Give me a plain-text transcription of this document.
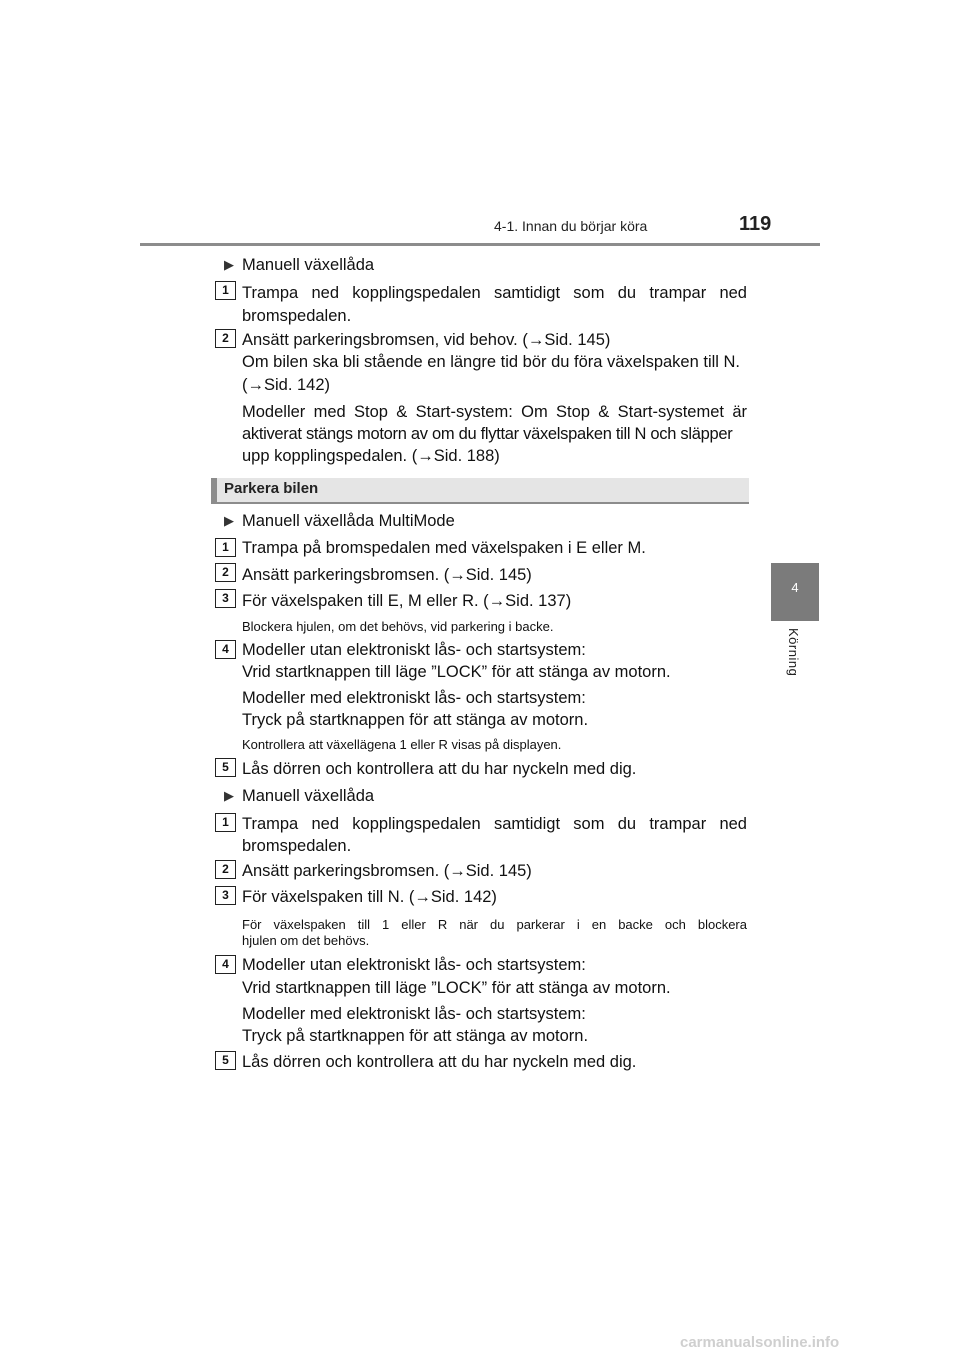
4-1. Innan du börjar köra	119
4
Körning
▶ Manuell växellåda
1 Trampa ned kopplingspedalen samtidigt som du trampar ned
bromspedalen.
2 Ansätt parkeringsbromsen, vid behov. (→Sid. 145)
Om bilen ska bli stående en längre tid bör du föra växelspaken till N.
(→Sid. 142)
Modeller med Stop & Start-system: Om Stop & Start-systemet är
aktiverat stängs motorn av om du flyttar växelspaken till N och släpper
upp kopplingspedalen. (→Sid. 188)
Parkera bilen
▶ Manuell växellåda MultiMode
1 Trampa på bromspedalen med växelspaken i E eller M.
2 Ansätt parkeringsbromsen. (→Sid. 145)
3 För växelspaken till E, M eller R. (→Sid. 137)
Blockera hjulen, om det behövs, vid parkering i backe.
4 Modeller utan elektroniskt lås- och startsystem:
Vrid startknappen till läge ”LOCK” för att stänga av motorn.
Modeller med elektroniskt lås- och startsystem:
Tryck på startknappen för att stänga av motorn.
Kontrollera att växellägena 1 eller R visas på displayen.
5 Lås dörren och kontrollera att du har nyckeln med dig.
▶ Manuell växellåda
1 Trampa ned kopplingspedalen samtidigt som du trampar ned
bromspedalen.
2 Ansätt parkeringsbromsen. (→Sid. 145)
3 För växelspaken till N. (→Sid. 142)
För växelspaken till 1 eller R när du parkerar i en backe och blockera
hjulen om det behövs.
4 Modeller utan elektroniskt lås- och startsystem:
Vrid startknappen till läge ”LOCK” för att stänga av motorn.
Modeller med elektroniskt lås- och startsystem:
Tryck på startknappen för att stänga av motorn.
5 Lås dörren och kontrollera att du har nyckeln med dig.
carmanualsonline.info
